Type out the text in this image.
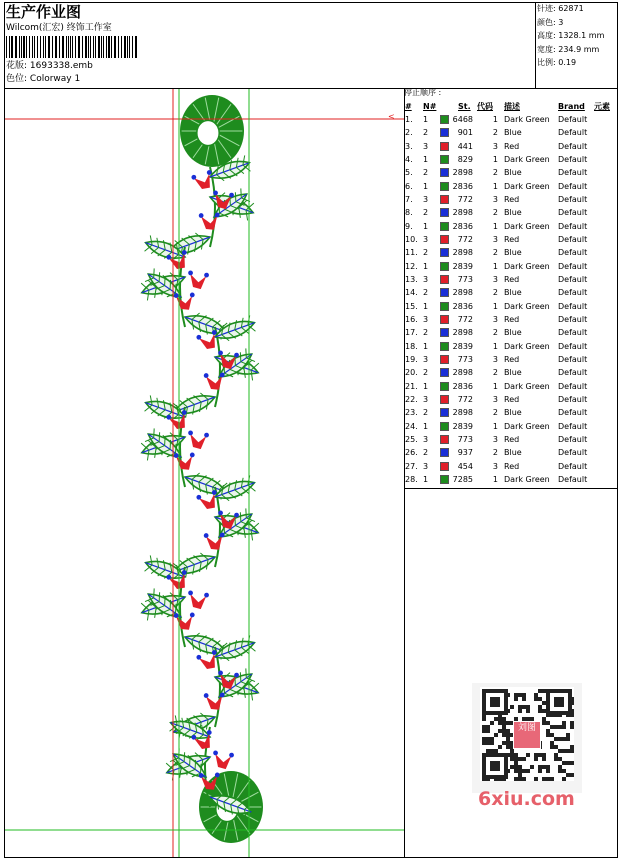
生产作业图
Wilcom(汇宏) 终饰工作室
花版: 1693338.emb
色位: Colorway 1
针迹: 62871
颜色: 3
高度: 1328.1 mm
宽度: 234.9 mm
比例: 0.19
停止顺序 :
# N#	St. 代码 描述	Brand 元素
1. 1	6468	1 Dark Green Default
2. 2	901	2 Blue	Default
3. 3	441	3 Red	Default
4. 1	829	1 Dark Green Default
5. 2	2898	2 Blue	Default
6. 1	2836	1 Dark Green Default
7. 3	772	3 Red	Default
8. 2	2898	2 Blue	Default
9. 1	2836	1 Dark Green Default
10. 3	772	3 Red	Default
11. 2	2898	2 Blue	Default
12. 1	2839	1 Dark Green Default
13. 3	773	3 Red	Default
14. 2	2898	2 Blue	Default
15. 1	2836	1 Dark Green Default
16. 3	772	3 Red	Default
17. 2	2898	2 Blue	Default
18. 1	2839	1 Dark Green Default
19. 3	773	3 Red	Default
20. 2	2898	2 Blue	Default
21. 1	2836	1 Dark Green Default
22. 3	772	3 Red	Default
23. 2	2898	2 Blue	Default
24. 1	2839	1 Dark Green Default
25. 3	773	3 Red	Default
26. 2	937	2 Blue	Default
27. 3	454	3 Red	Default
28. 1	7285	1 Dark Green Default
<
刘图
6xiu.com
